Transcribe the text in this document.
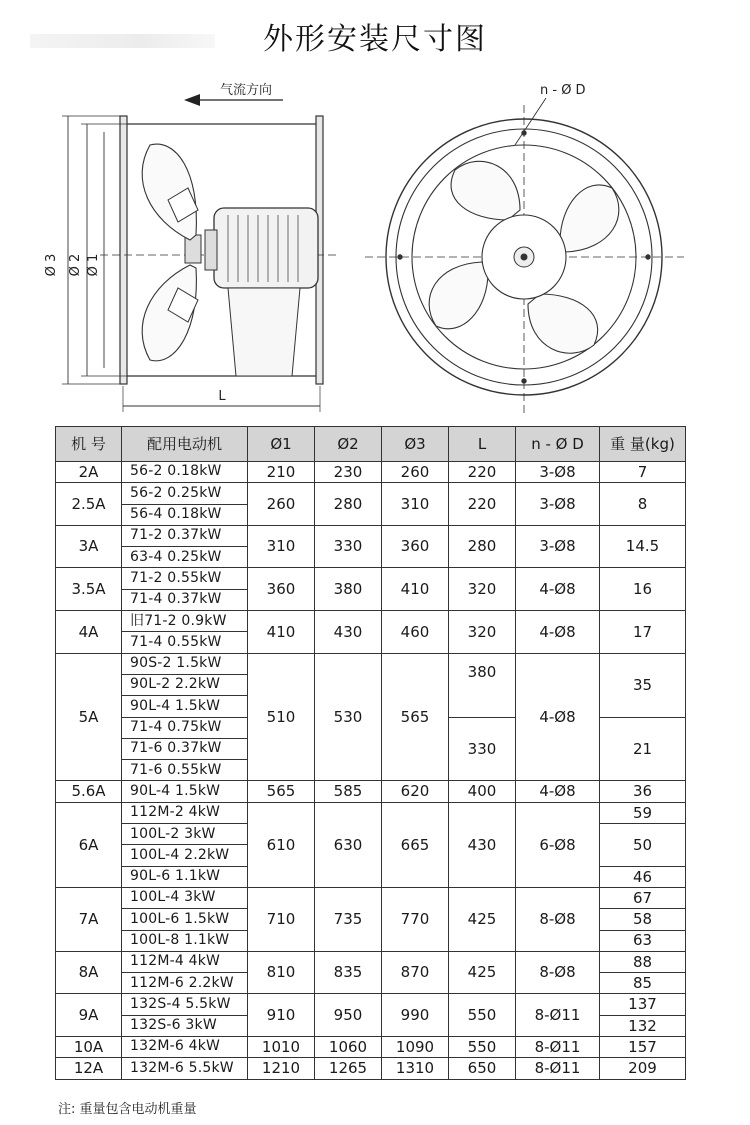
外形安装尺寸图
气流方向
Ø 3 Ø 2 Ø 1
L
n - Ø D
机 号	配用电动机	Ø1	Ø2	Ø3	L	n - Ø D	重 量(kg)
2A	56-2 0.18kW	210	230	260	220	3-Ø8	7
2.5A	56-2 0.25kW	260	280	310	220	3-Ø8	8
	56-4 0.18kW						
3A	71-2 0.37kW	310	330	360	280	3-Ø8	14.5
	63-4 0.25kW						
3.5A	71-2 0.55kW	360	380	410	320	4-Ø8	16
	71-4 0.37kW						
4A	旧71-2 0.9kW	410	430	460	320	4-Ø8	17
	71-4 0.55kW						
5A	90S-2 1.5kW	510	530	565	380	4-Ø8	35
	90L-2 2.2kW						
	90L-4 1.5kW						
	71-4 0.75kW				330		21
	71-6 0.37kW						
	71-6 0.55kW						
5.6A	90L-4 1.5kW	565	585	620	400	4-Ø8	36
6A	112M-2 4kW	610	630	665	430	6-Ø8	59
	100L-2 3kW						50
	100L-4 2.2kW						
	90L-6 1.1kW						46
7A	100L-4 3kW	710	735	770	425	8-Ø8	67
	100L-6 1.5kW						58
	100L-8 1.1kW						63
8A	112M-4 4kW	810	835	870	425	8-Ø8	88
	112M-6 2.2kW						85
9A	132S-4 5.5kW	910	950	990	550	8-Ø11	137
	132S-6 3kW						132
10A	132M-6 4kW	1010	1060	1090	550	8-Ø11	157
12A	132M-6 5.5kW	1210	1265	1310	650	8-Ø11	209
注: 重量包含电动机重量
